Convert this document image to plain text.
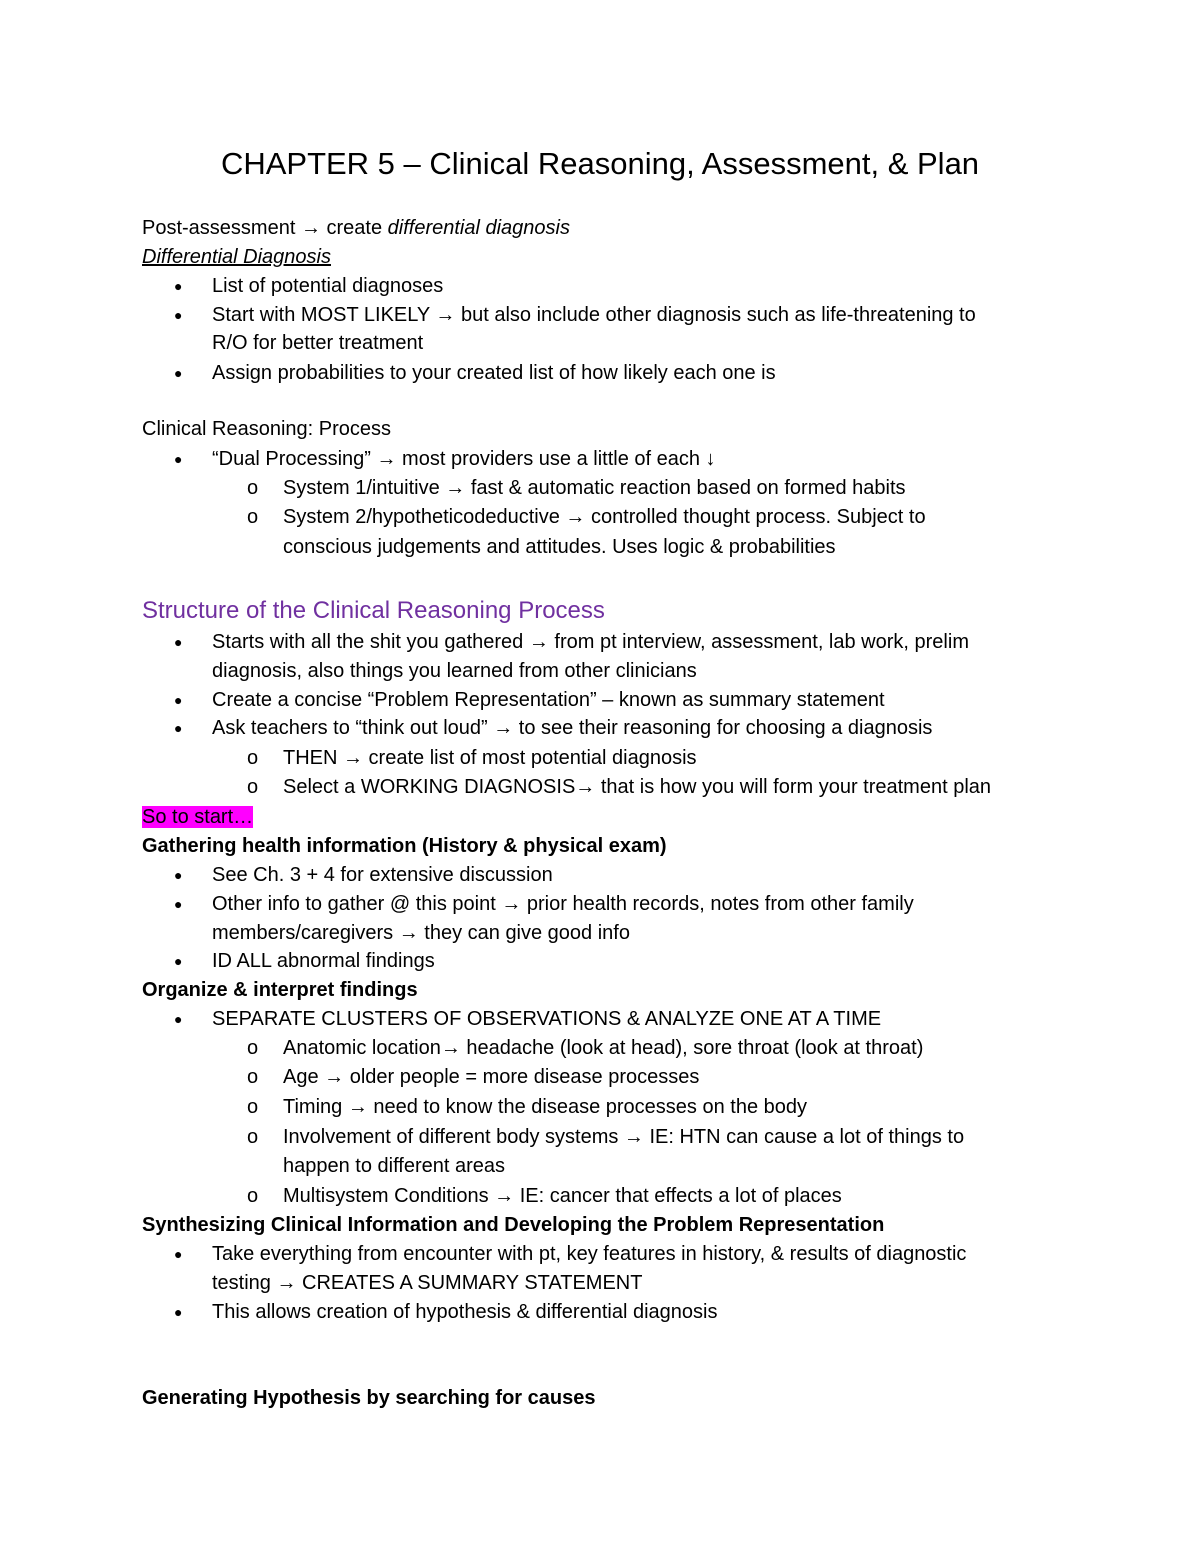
CHAPTER 5 – Clinical Reasoning, Assessment, & Plan
Post-assessment → create differential diagnosis
Differential Diagnosis
● List of potential diagnoses
● Start with MOST LIKELY → but also include other diagnosis such as life-threatening to
R/O for better treatment
● Assign probabilities to your created list of how likely each one is
Clinical Reasoning: Process
● “Dual Processing” → most providers use a little of each ↓
o System 1/intuitive → fast & automatic reaction based on formed habits
o System 2/hypotheticodeductive → controlled thought process. Subject to
conscious judgements and attitudes. Uses logic & probabilities
Structure of the Clinical Reasoning Process
● Starts with all the shit you gathered → from pt interview, assessment, lab work, prelim
diagnosis, also things you learned from other clinicians
● Create a concise “Problem Representation” – known as summary statement
● Ask teachers to “think out loud” → to see their reasoning for choosing a diagnosis
o THEN → create list of most potential diagnosis
o Select a WORKING DIAGNOSIS→ that is how you will form your treatment plan
So to start…
Gathering health information (History & physical exam)
● See Ch. 3 + 4 for extensive discussion
● Other info to gather @ this point → prior health records, notes from other family
members/caregivers → they can give good info
● ID ALL abnormal findings
Organize & interpret findings
● SEPARATE CLUSTERS OF OBSERVATIONS & ANALYZE ONE AT A TIME
o Anatomic location→ headache (look at head), sore throat (look at throat)
o Age → older people = more disease processes
o Timing → need to know the disease processes on the body
o Involvement of different body systems → IE: HTN can cause a lot of things to
happen to different areas
o Multisystem Conditions → IE: cancer that effects a lot of places
Synthesizing Clinical Information and Developing the Problem Representation
● Take everything from encounter with pt, key features in history, & results of diagnostic
testing → CREATES A SUMMARY STATEMENT
● This allows creation of hypothesis & differential diagnosis
Generating Hypothesis by searching for causes
